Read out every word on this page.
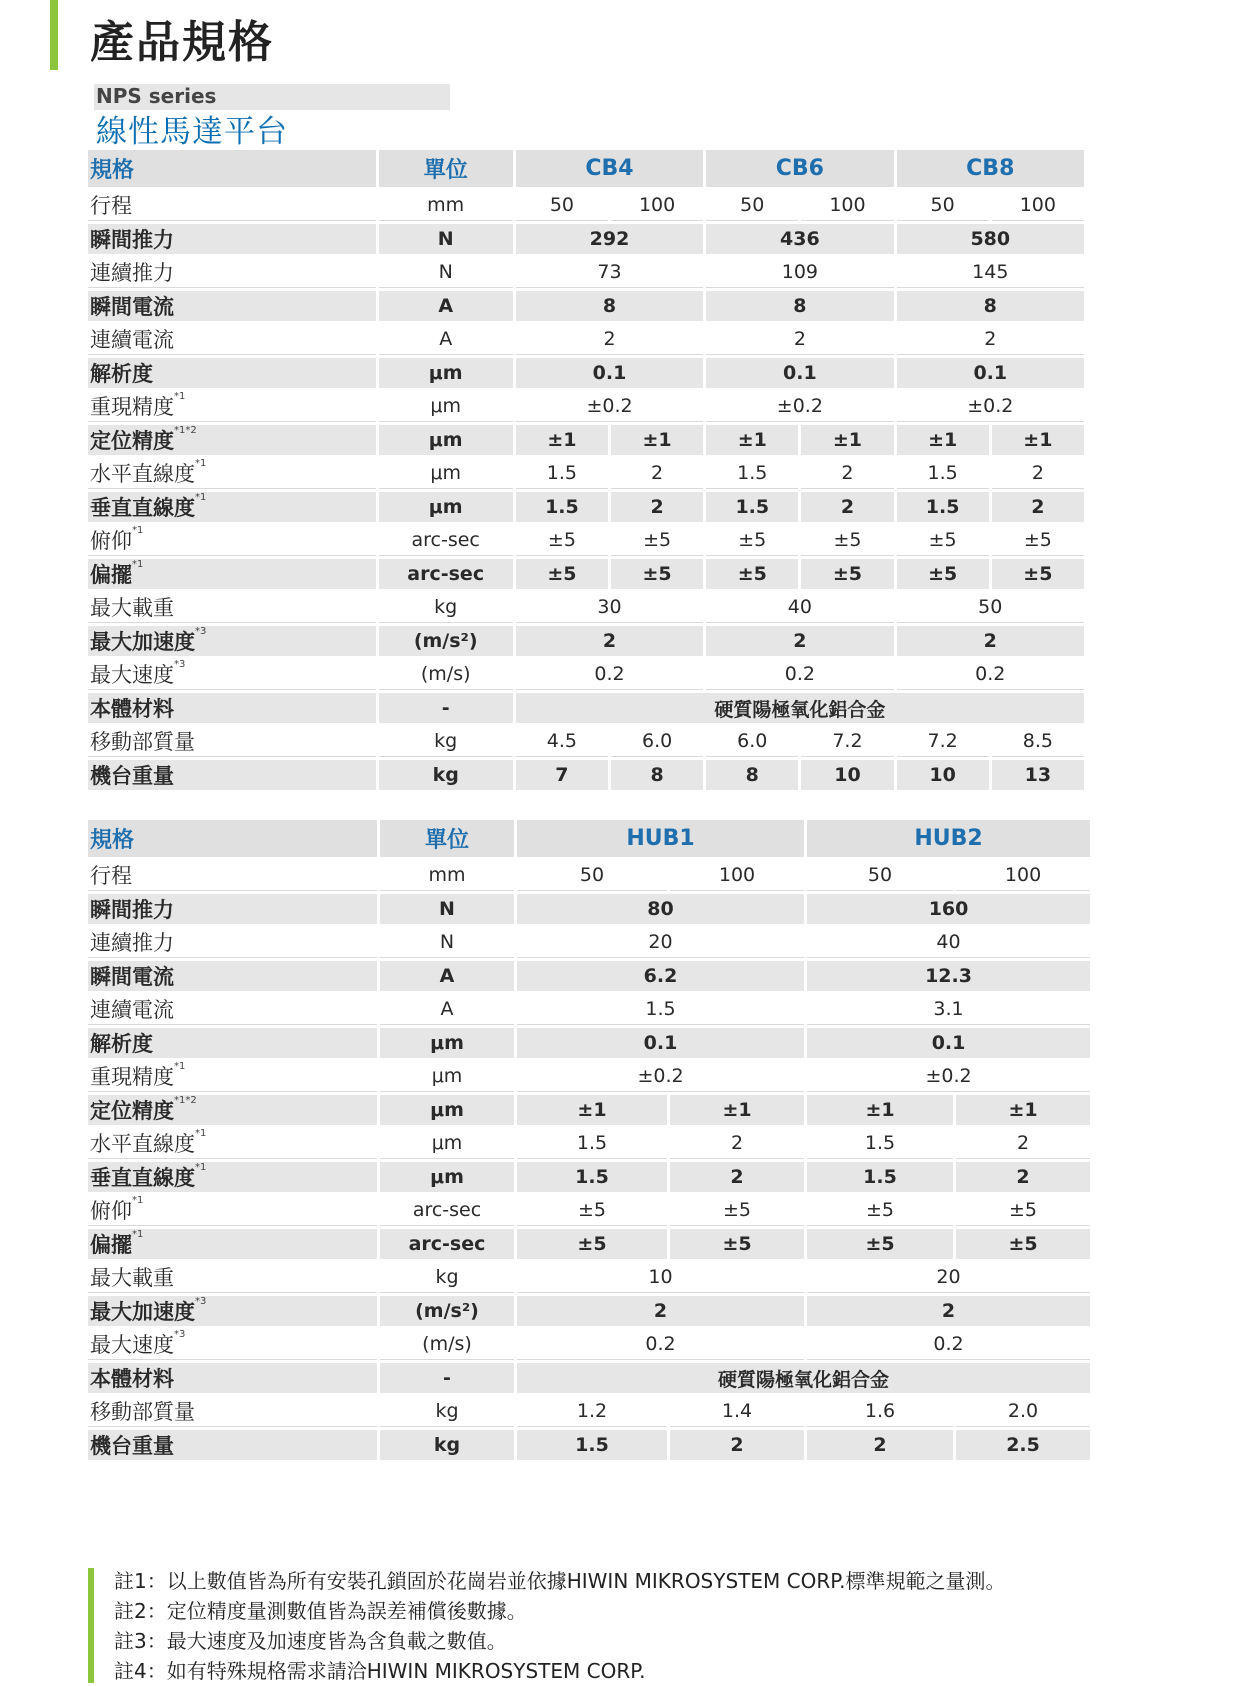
產品規格
NPS series
線性馬達平台
規格	單位	CB4		CB6		CB8	
行程	mm	50	100	50	100	50	100
瞬間推力	N	292		436		580	
連續推力	N	73		109		145	
瞬間電流	A	8		8		8	
連續電流	A	2		2		2	
解析度	μm	0.1		0.1		0.1	
重現精度$^{*1}$	μm	±0.2		±0.2		±0.2	
定位精度$^{*1*2}$	μm	±1	±1	±1	±1	±1	±1
水平直線度$^{*1}$	μm	1.5	2	1.5	2	1.5	2
垂直直線度$^{*1}$	μm	1.5	2	1.5	2	1.5	2
俯仰$^{*1}$	arc-sec	±5	±5	±5	±5	±5	±5
偏擺$^{*1}$	arc-sec	±5	±5	±5	±5	±5	±5
最大載重	kg	30		40		50	
最大加速度$^{*3}$	(m/s²)	2		2		2	
最大速度$^{*3}$	(m/s)	0.2		0.2		0.2	
本體材料	-	硬質陽極氧化鋁合金					
移動部質量	kg	4.5	6.0	6.0	7.2	7.2	8.5
機台重量	kg	7	8	8	10	10	13
規格	單位	HUB1		HUB2	
行程	mm	50	100	50	100
瞬間推力	N	80		160	
連續推力	N	20		40	
瞬間電流	A	6.2		12.3	
連續電流	A	1.5		3.1	
解析度	μm	0.1		0.1	
重現精度$^{*1}$	μm	±0.2		±0.2	
定位精度$^{*1*2}$	μm	±1	±1	±1	±1
水平直線度$^{*1}$	μm	1.5	2	1.5	2
垂直直線度$^{*1}$	μm	1.5	2	1.5	2
俯仰$^{*1}$	arc-sec	±5	±5	±5	±5
偏擺$^{*1}$	arc-sec	±5	±5	±5	±5
最大載重	kg	10		20	
最大加速度$^{*3}$	(m/s²)	2		2	
最大速度$^{*3}$	(m/s)	0.2		0.2	
本體材料	-	硬質陽極氧化鋁合金			
移動部質量	kg	1.2	1.4	1.6	2.0
機台重量	kg	1.5	2	2	2.5
註1：以上數值皆為所有安裝孔鎖固於花崗岩並依據HIWIN MIKROSYSTEM CORP.標準規範之量測。
註2：定位精度量測數值皆為誤差補償後數據。
註3：最大速度及加速度皆為含負載之數值。
註4：如有特殊規格需求請洽HIWIN MIKROSYSTEM CORP.
